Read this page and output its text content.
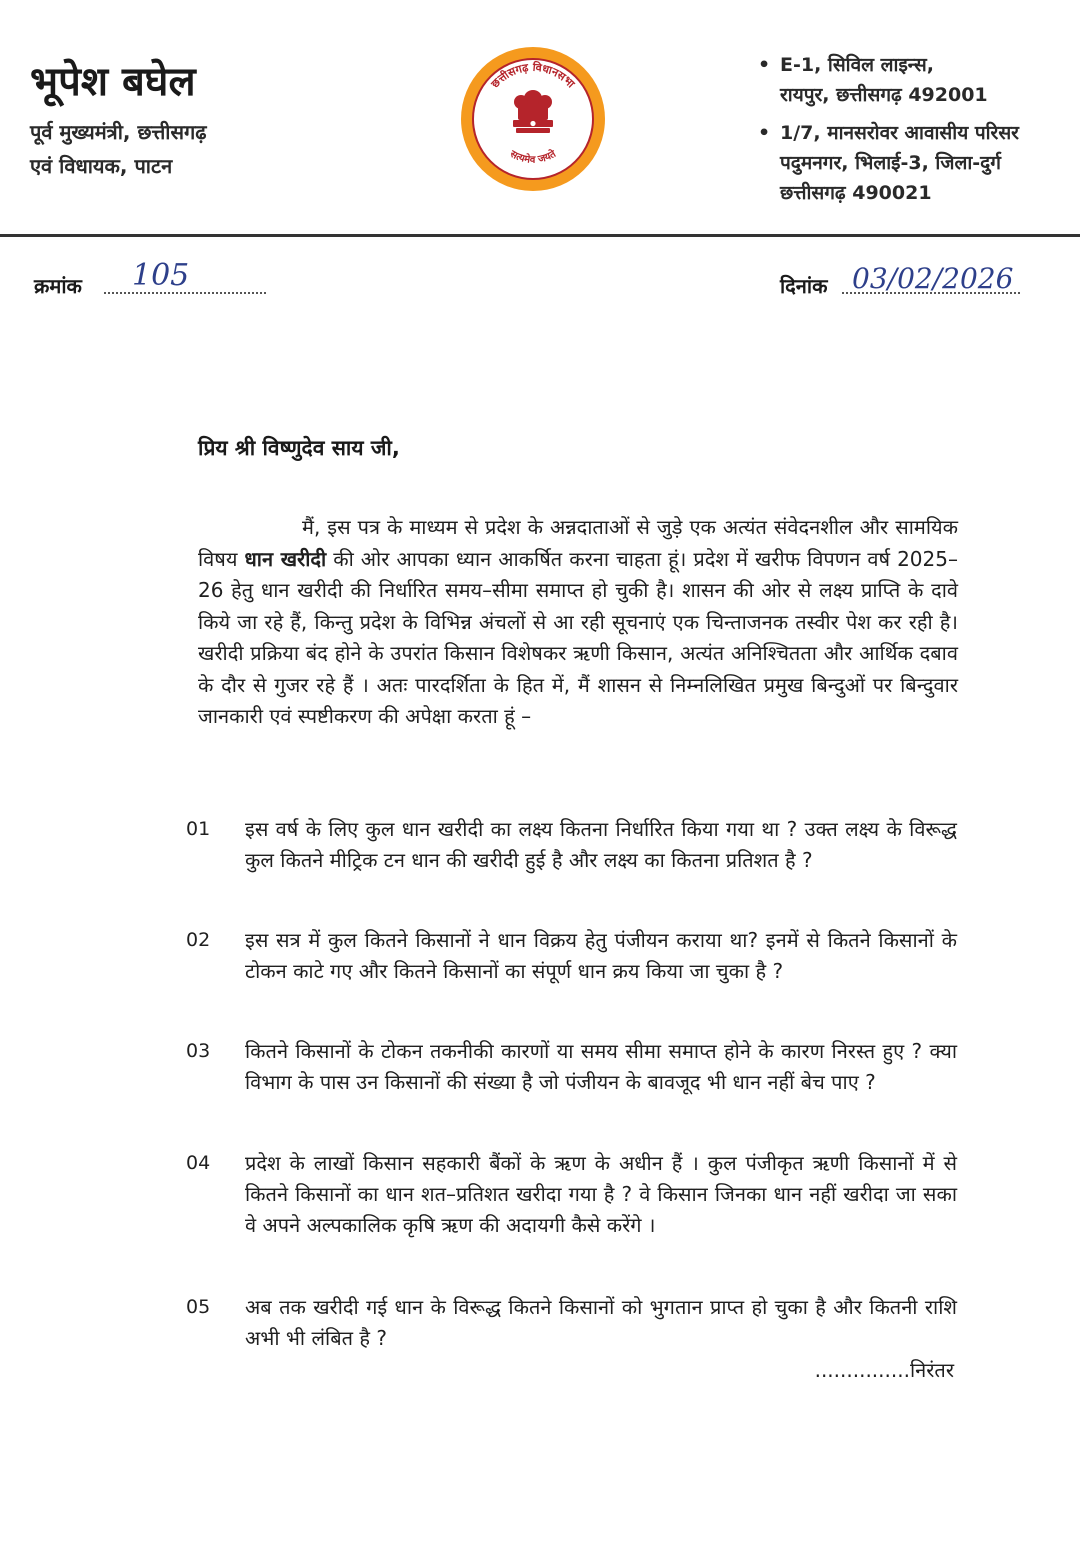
भूपेश बघेल
पूर्व मुख्यमंत्री, छत्तीसगढ़
एवं विधायक, पाटन
छत्तीसगढ़ विधानसभा
सत्यमेव जयते
• E-1, सिविल लाइन्स,
रायपुर, छत्तीसगढ़ 492001
• 1/7, मानसरोवर आवासीय परिसर
पदुमनगर, भिलाई-3, जिला-दुर्ग
छत्तीसगढ़ 490021
क्रमांक 105	दिनांक 03/02/2026
प्रिय श्री विष्णुदेव साय जी,
मैं, इस पत्र के माध्यम से प्रदेश के अन्नदाताओं से जुड़े एक अत्यंत संवेदनशील और सामयिक विषय धान खरीदी की ओर आपका ध्यान आकर्षित करना चाहता हूं। प्रदेश में खरीफ विपणन वर्ष 2025–26 हेतु धान खरीदी की निर्धारित समय–सीमा समाप्त हो चुकी है। शासन की ओर से लक्ष्य प्राप्ति के दावे किये जा रहे हैं, किन्तु प्रदेश के विभिन्न अंचलों से आ रही सूचनाएं एक चिन्ताजनक तस्वीर पेश कर रही है। खरीदी प्रक्रिया बंद होने के उपरांत किसान विशेषकर ऋणी किसान, अत्यंत अनिश्चितता और आर्थिक दबाव के दौर से गुजर रहे हैं । अतः पारदर्शिता के हित में, मैं शासन से निम्नलिखित प्रमुख बिन्दुओं पर बिन्दुवार जानकारी एवं स्पष्टीकरण की अपेक्षा करता हूं –
01 इस वर्ष के लिए कुल धान खरीदी का लक्ष्य कितना निर्धारित किया गया था ? उक्त लक्ष्य के विरूद्ध कुल कितने मीट्रिक टन धान की खरीदी हुई है और लक्ष्य का कितना प्रतिशत है ?
02 इस सत्र में कुल कितने किसानों ने धान विक्रय हेतु पंजीयन कराया था? इनमें से कितने किसानों के टोकन काटे गए और कितने किसानों का संपूर्ण धान क्रय किया जा चुका है ?
03 कितने किसानों के टोकन तकनीकी कारणों या समय सीमा समाप्त होने के कारण निरस्त हुए ? क्या विभाग के पास उन किसानों की संख्या है जो पंजीयन के बावजूद भी धान नहीं बेच पाए ?
04 प्रदेश के लाखों किसान सहकारी बैंकों के ऋण के अधीन हैं । कुल पंजीकृत ऋणी किसानों में से कितने किसानों का धान शत–प्रतिशत खरीदा गया है ? वे किसान जिनका धान नहीं खरीदा जा सका वे अपने अल्पकालिक कृषि ऋण की अदायगी कैसे करेंगे ।
05 अब तक खरीदी गई धान के विरूद्ध कितने किसानों को भुगतान प्राप्त हो चुका है और कितनी राशि अभी भी लंबित है ?
...............निरंतर
